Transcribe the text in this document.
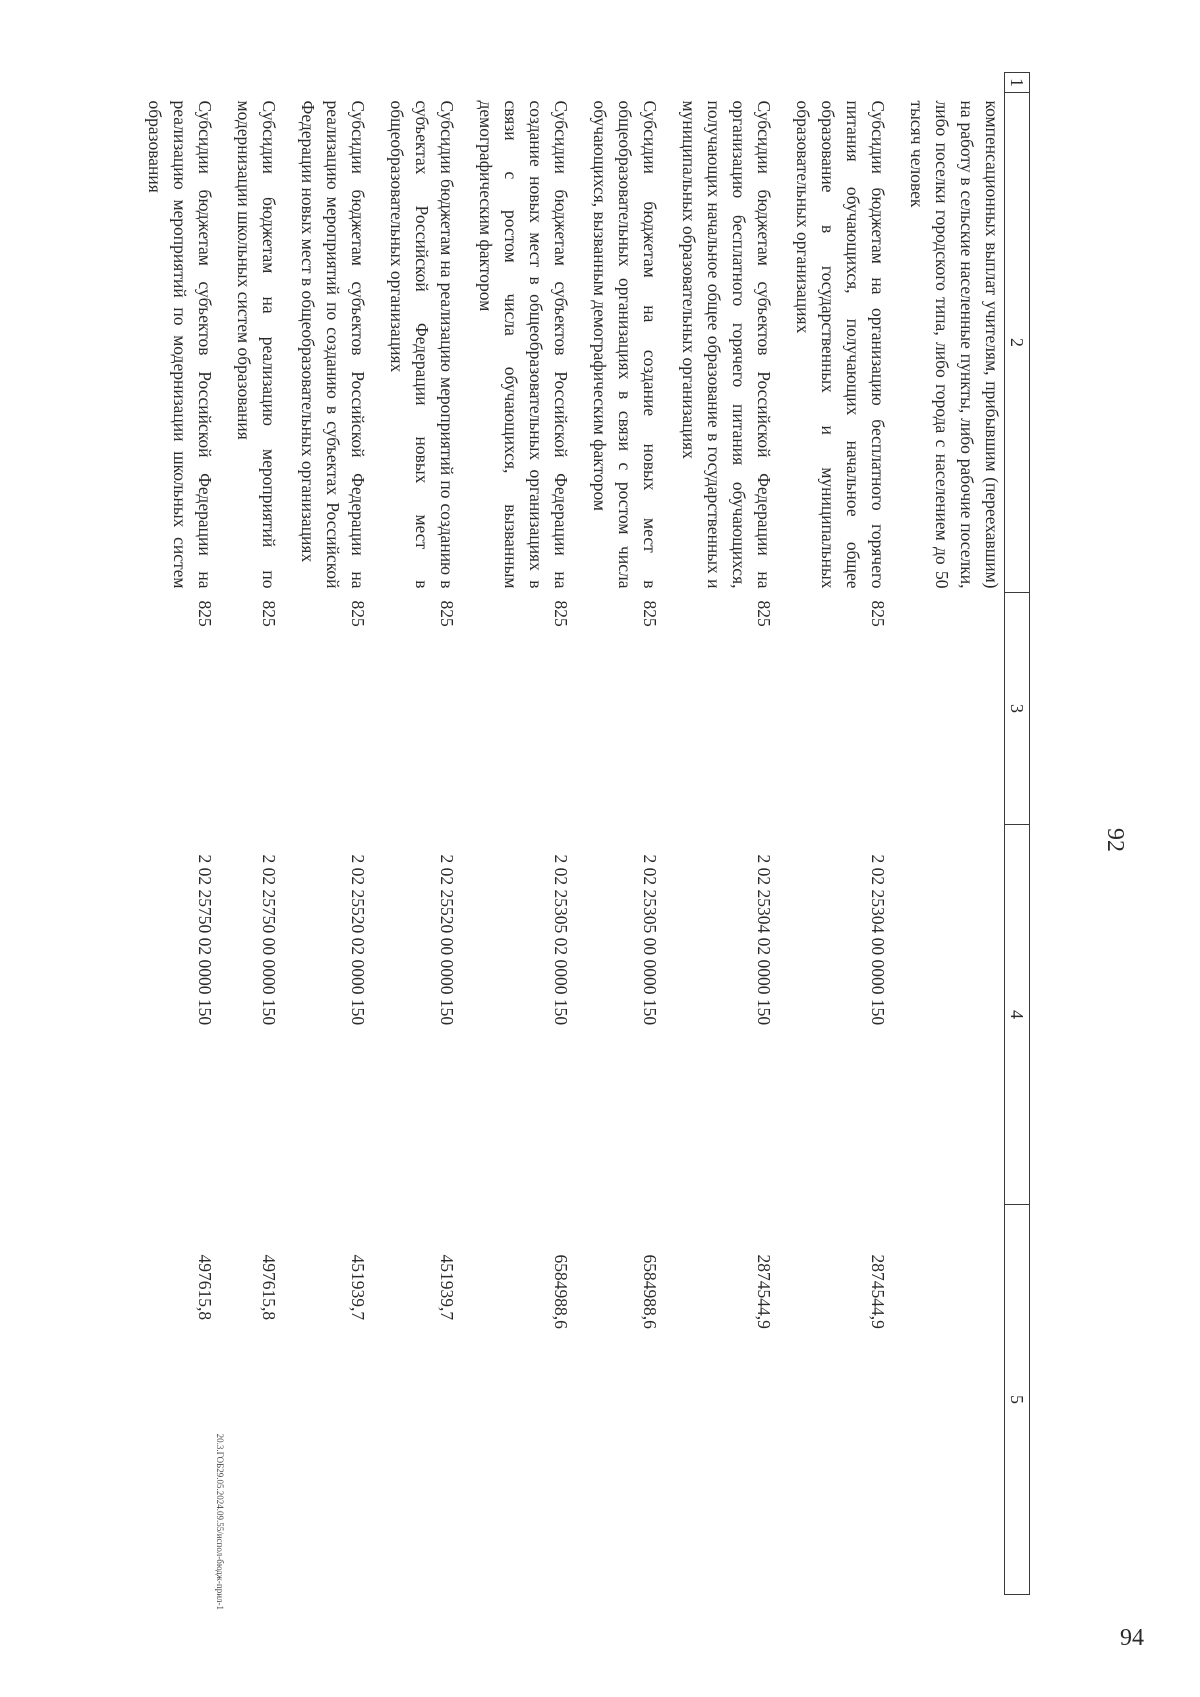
92
1	2	3	4	5
	компенсационных выплат учителям, прибывшим (переехавшим) на работу в сельские населенные пункты, либо рабочие поселки, либо поселки городского типа, либо города с населением до 50 тысяч человек			
	Субсидии бюджетам на организацию бесплатного горячего питания обучающихся, получающих начальное общее образование в государственных и муниципальных образовательных организациях	825	2 02 25304 00 0000 150	2874544,9
	Субсидии бюджетам субъектов Российской Федерации на организацию бесплатного горячего питания обучающихся, получающих начальное общее образование в государственных и муниципальных образовательных организациях	825	2 02 25304 02 0000 150	2874544,9
	Субсидии бюджетам на создание новых мест в общеобразовательных организациях в связи с ростом числа обучающихся, вызванным демографическим фактором	825	2 02 25305 00 0000 150	6584988,6
	Субсидии бюджетам субъектов Российской Федерации на создание новых мест в общеобразовательных организациях в связи с ростом числа обучающихся, вызванным демографическим фактором	825	2 02 25305 02 0000 150	6584988,6
	Субсидии бюджетам на реализацию мероприятий по созданию в субъектах Российской Федерации новых мест в общеобразовательных организациях	825	2 02 25520 00 0000 150	451939,7
	Субсидии бюджетам субъектов Российской Федерации на реализацию мероприятий по созданию в субъектах Российской Федерации новых мест в общеобразовательных организациях	825	2 02 25520 02 0000 150	451939,7
	Субсидии бюджетам на реализацию мероприятий по модернизации школьных систем образования	825	2 02 25750 00 0000 150	497615,8
	Субсидии бюджетам субъектов Российской Федерации на реализацию мероприятий по модернизации школьных систем образования	825	2 02 25750 02 0000 150	497615,8
20.3.ГОБ29.05.2024.09.55/испол-бюдж-прил-1
94
